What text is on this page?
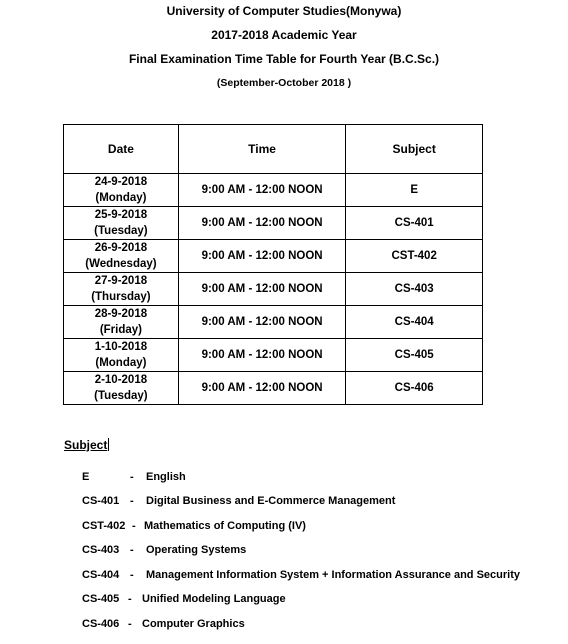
University of Computer Studies(Monywa)
2017-2018 Academic Year
Final Examination Time Table for Fourth Year (B.C.Sc.)
(September-October 2018 )
Date	Time	Subject

24-9-2018
(Monday)	9:00 AM - 12:00 NOON	E

25-9-2018
(Tuesday)	9:00 AM - 12:00 NOON	CS-401

26-9-2018
(Wednesday)	9:00 AM - 12:00 NOON	CST-402

27-9-2018
(Thursday)	9:00 AM - 12:00 NOON	CS-403

28-9-2018
(Friday)	9:00 AM - 12:00 NOON	CS-404

1-10-2018
(Monday)	9:00 AM - 12:00 NOON	CS-405

2-10-2018
(Tuesday)	9:00 AM - 12:00 NOON	CS-406
Subject
E	- English
CS-401 - Digital Business and E-Commerce Management
CST-402 - Mathematics of Computing (IV)
CS-403 - Operating Systems
CS-404 - Management Information System + Information Assurance and Security
CS-405 - Unified Modeling Language
CS-406 - Computer Graphics
